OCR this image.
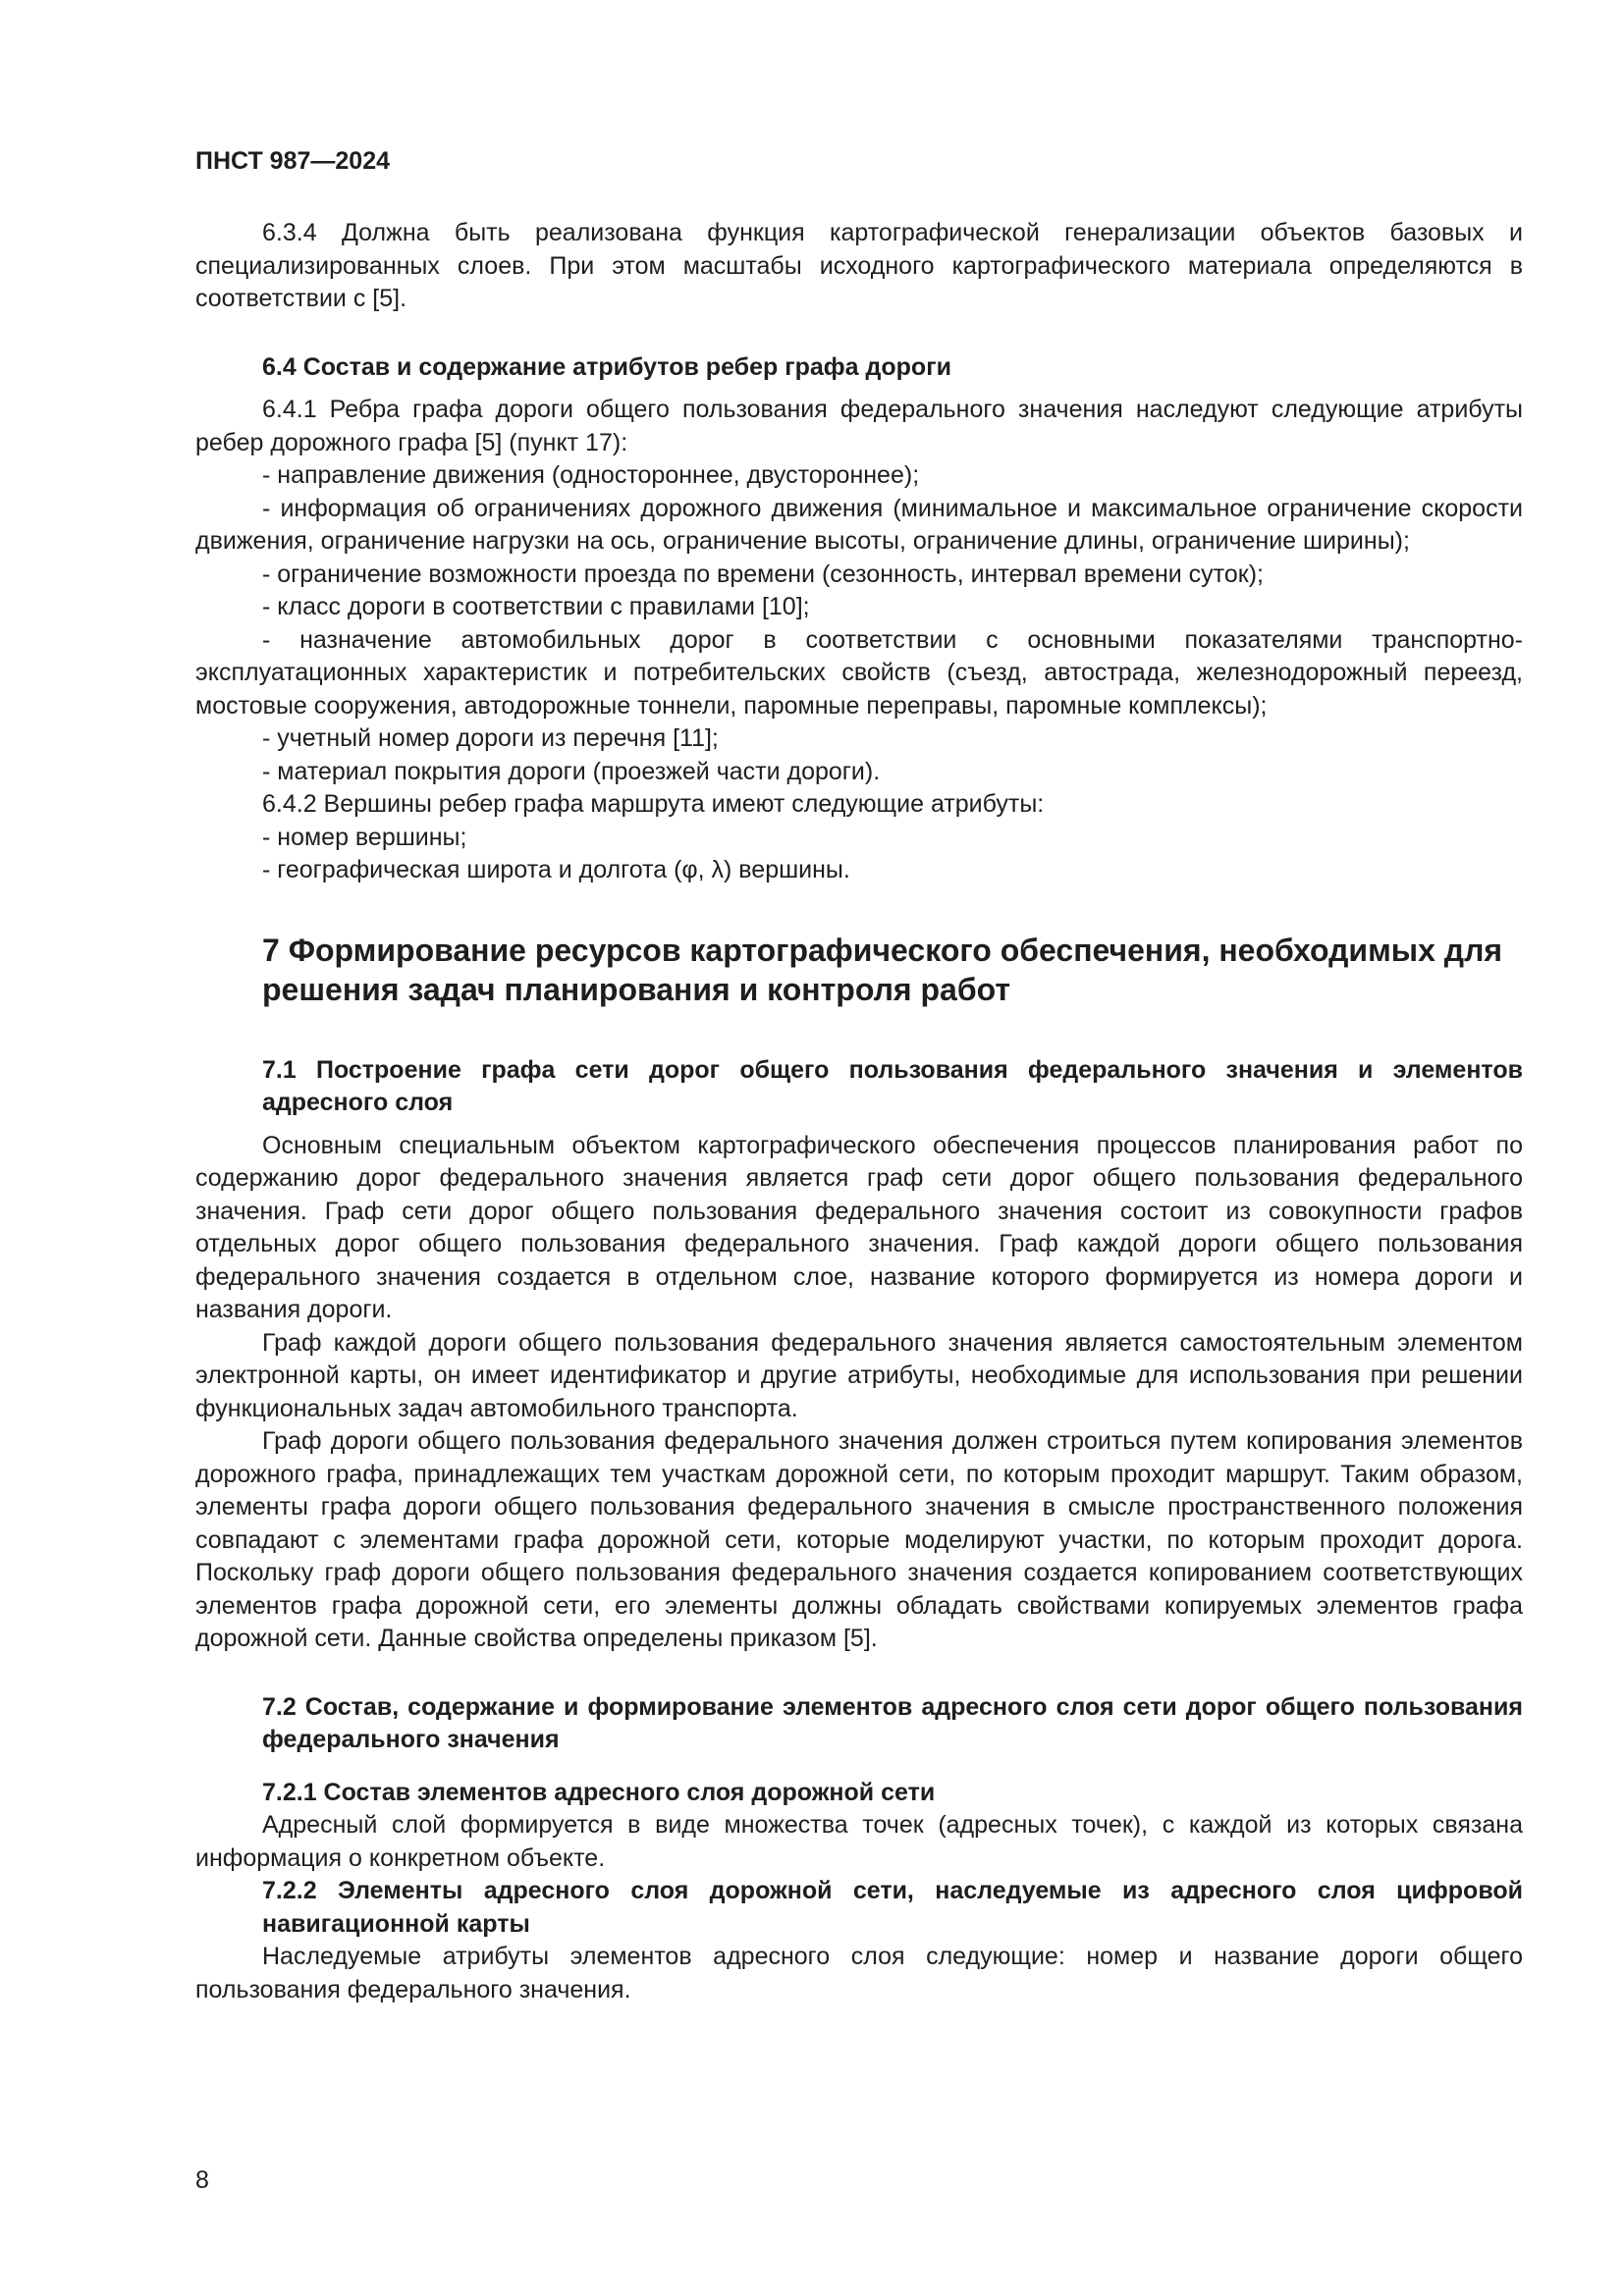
ПНСТ 987—2024

6.3.4 Должна быть реализована функция картографической генерализации объектов базовых и специализированных слоев. При этом масштабы исходного картографического материала определяются в соответствии с [5].

6.4 Состав и содержание атрибутов ребер графа дороги

6.4.1 Ребра графа дороги общего пользования федерального значения наследуют следующие атрибуты ребер дорожного графа [5] (пункт 17):

- направление движения (одностороннее, двустороннее);

- информация об ограничениях дорожного движения (минимальное и максимальное ограничение скорости движения, ограничение нагрузки на ось, ограничение высоты, ограничение длины, ограничение ширины);

- ограничение возможности проезда по времени (сезонность, интервал времени суток);

- класс дороги в соответствии с правилами [10];

- назначение автомобильных дорог в соответствии с основными показателями транспортно-эксплуатационных характеристик и потребительских свойств (съезд, автострада, железнодорожный переезд, мостовые сооружения, автодорожные тоннели, паромные переправы, паромные комплексы);

- учетный номер дороги из перечня [11];

- материал покрытия дороги (проезжей части дороги).

6.4.2 Вершины ребер графа маршрута имеют следующие атрибуты:

- номер вершины;

- географическая широта и долгота (φ, λ) вершины.

7 Формирование ресурсов картографического обеспечения, необходимых для решения задач планирования и контроля работ

7.1 Построение графа сети дорог общего пользования федерального значения и элементов адресного слоя

Основным специальным объектом картографического обеспечения процессов планирования работ по содержанию дорог федерального значения является граф сети дорог общего пользования федерального значения. Граф сети дорог общего пользования федерального значения состоит из совокупности графов отдельных дорог общего пользования федерального значения. Граф каждой дороги общего пользования федерального значения создается в отдельном слое, название которого формируется из номера дороги и названия дороги.

Граф каждой дороги общего пользования федерального значения является самостоятельным элементом электронной карты, он имеет идентификатор и другие атрибуты, необходимые для использования при решении функциональных задач автомобильного транспорта.

Граф дороги общего пользования федерального значения должен строиться путем копирования элементов дорожного графа, принадлежащих тем участкам дорожной сети, по которым проходит маршрут. Таким образом, элементы графа дороги общего пользования федерального значения в смысле пространственного положения совпадают с элементами графа дорожной сети, которые моделируют участки, по которым проходит дорога. Поскольку граф дороги общего пользования федерального значения создается копированием соответствующих элементов графа дорожной сети, его элементы должны обладать свойствами копируемых элементов графа дорожной сети. Данные свойства определены приказом [5].

7.2 Состав, содержание и формирование элементов адресного слоя сети дорог общего пользования федерального значения

7.2.1 Состав элементов адресного слоя дорожной сети

Адресный слой формируется в виде множества точек (адресных точек), с каждой из которых связана информация о конкретном объекте.

7.2.2 Элементы адресного слоя дорожной сети, наследуемые из адресного слоя цифровой навигационной карты

Наследуемые атрибуты элементов адресного слоя следующие: номер и название дороги общего пользования федерального значения.

8
